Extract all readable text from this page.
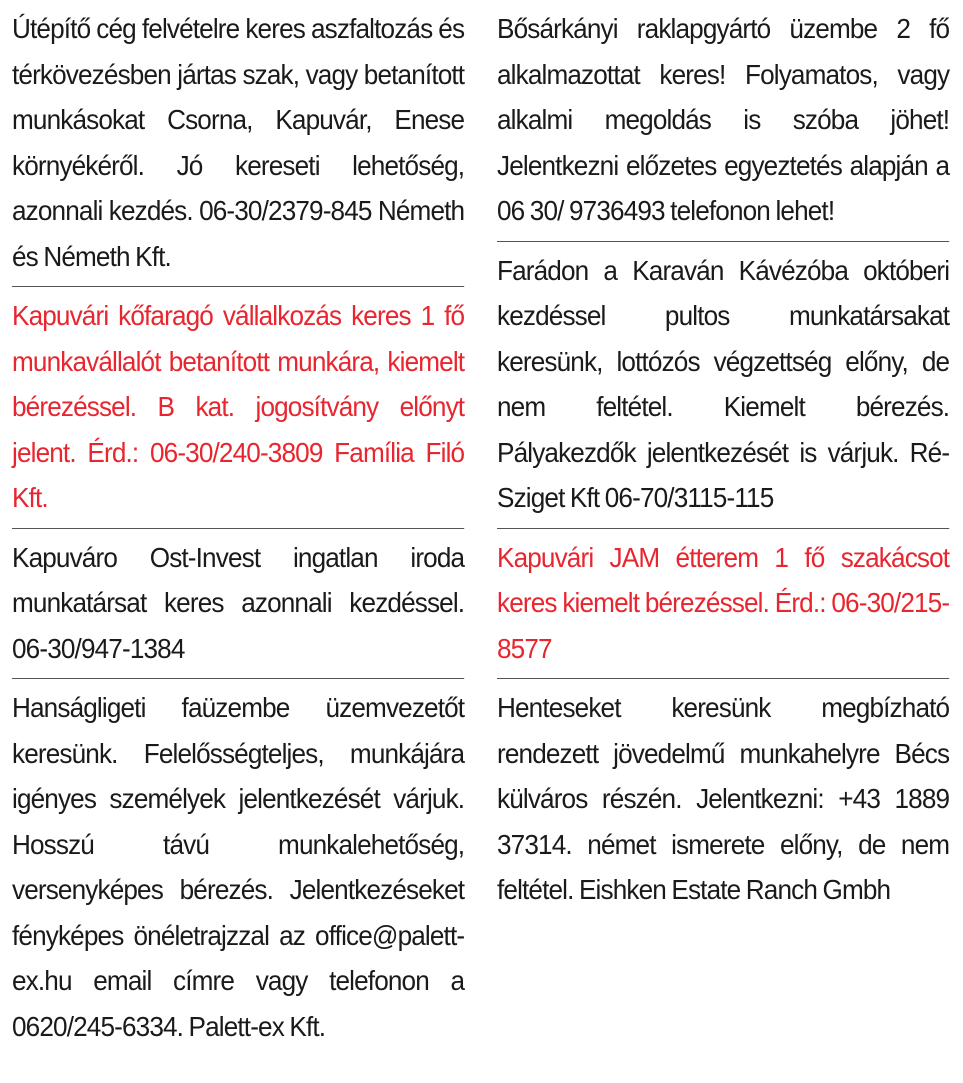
Útépítő cég felvételre keres aszfaltozás és térkövezésben jártas szak, vagy betanított munkásokat Csorna, Kapuvár, Enese környékéről. Jó kereseti lehetőség, azonnali kezdés. 06-30/2379-845 Németh és Németh Kft.
Kapuvári kőfaragó vállalkozás keres 1 fő munkavállalót betanított munkára, kiemelt bérezéssel. B kat. jogosítvány előnyt jelent. Érd.: 06-30/240-3809 Família Filó Kft.
Kapuváro Ost-Invest ingatlan iroda munkatársat keres azonnali kezdéssel. 06-30/947-1384
Hanságligeti faüzembe üzemvezetőt keresünk. Felelősségteljes, munkájára igényes személyek jelentkezését várjuk. Hosszú távú munkalehetőség, versenyképes bérezés. Jelentkezéseket fényképes önéletrajzzal az office@palett-ex.hu email címre vagy telefonon a 0620/245-6334. Palett-ex Kft.
Bősárkányi raklapgyártó üzembe 2 fő alkalmazottat keres! Folyamatos, vagy alkalmi megoldás is szóba jöhet! Jelentkezni előzetes egyeztetés alapján a 06 30/ 9736493 telefonon lehet!
Farádon a Karaván Kávézóba októberi kezdéssel pultos munkatársakat keresünk, lottózós végzettség előny, de nem feltétel. Kiemelt bérezés. Pályakezdők jelentkezését is várjuk. Ré-Sziget Kft 06-70/3115-115
Kapuvári JAM étterem 1 fő szakácsot keres kiemelt bérezéssel. Érd.: 06-30/215-8577
Henteseket keresünk megbízható rendezett jövedelmű munkahelyre Bécs külváros részén. Jelentkezni: +43 1889 37314. német ismerete előny, de nem feltétel. Eishken Estate Ranch Gmbh
